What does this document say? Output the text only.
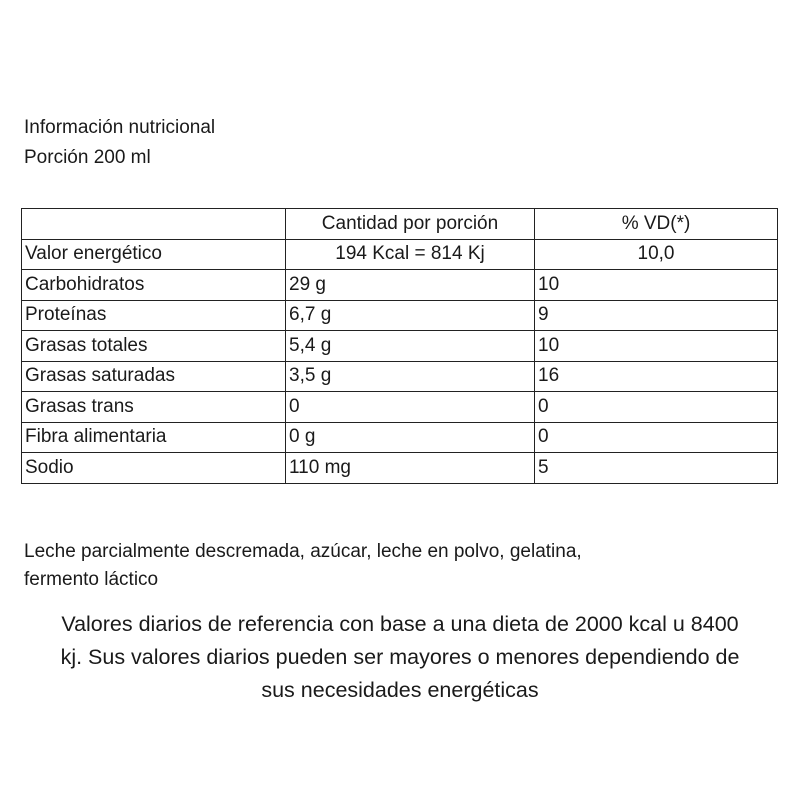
Información nutricional
Porción 200 ml
	Cantidad por porción	% VD(*)
Valor energético	194 Kcal = 814 Kj	10,0
Carbohidratos	29 g	10
Proteínas	6,7 g	9
Grasas totales	5,4 g	10
Grasas saturadas	3,5 g	16
Grasas trans	0	0
Fibra alimentaria	0 g	0
Sodio	110 mg	5
Leche parcialmente descremada, azúcar, leche en polvo, gelatina,
fermento láctico
Valores diarios de referencia con base a una dieta de 2000 kcal u 8400
kj. Sus valores diarios pueden ser mayores o menores dependiendo de
sus necesidades energéticas
